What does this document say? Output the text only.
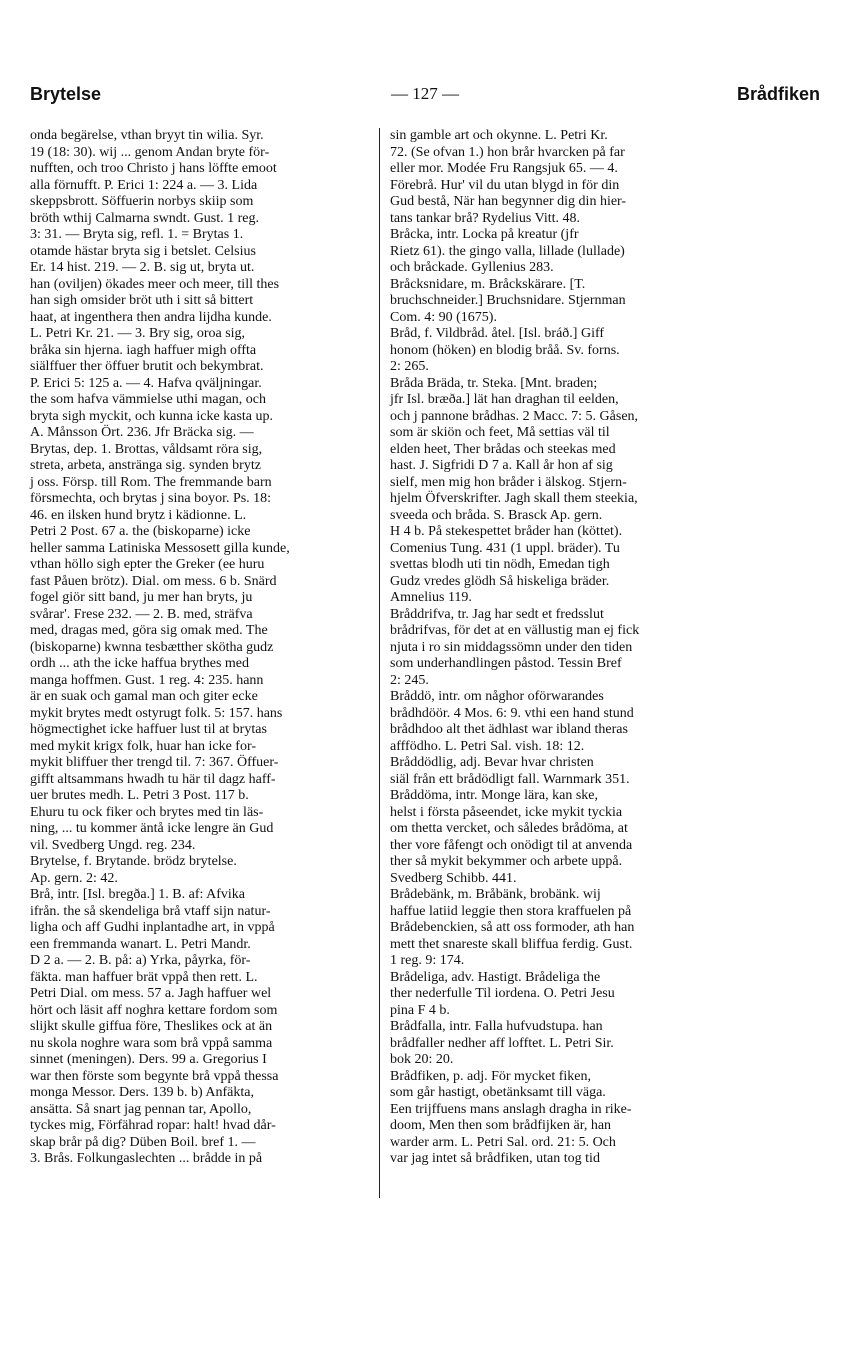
Brytelse	— 127 —	Brådfiken
onda begärelse, vthan bryyt tin wilia. Syr.
19 (18: 30). wij ... genom Andan bryte för-
nufften, och troo Christo j hans löffte emoot
alla förnufft. P. Erici 1: 224 a. — 3. Lida
skeppsbrott. Söffuerin norbys skiip som
bröth wthij Calmarna swndt. Gust. 1 reg.
3: 31. — Bryta sig, refl. 1. = Brytas 1.
otamde hästar bryta sig i betslet. Celsius
Er. 14 hist. 219. — 2. B. sig ut, bryta ut.
han (oviljen) ökades meer och meer, till thes
han sigh omsider bröt uth i sitt så bittert
haat, at ingenthera then andra lijdha kunde.
L. Petri Kr. 21. — 3. Bry sig, oroa sig,
bråka sin hjerna. iagh haffuer migh offta
siälffuer ther öffuer brutit och bekymbrat.
P. Erici 5: 125 a. — 4. Hafva qväljningar.
the som hafva vämmielse uthi magan, och
bryta sigh myckit, och kunna icke kasta up.
A. Månsson Ört. 236. Jfr Bräcka sig. —
Brytas, dep. 1. Brottas, våldsamt röra sig,
streta, arbeta, anstränga sig. synden brytz
j oss. Försp. till Rom. The fremmande barn
försmechta, och brytas j sina boyor. Ps. 18:
46. en ilsken hund brytz i kädionne. L.
Petri 2 Post. 67 a. the (biskoparne) icke
heller samma Latiniska Messosett gilla kunde,
vthan höllo sigh epter the Greker (ee huru
fast Påuen brötz). Dial. om mess. 6 b. Snärd
fogel giör sitt band, ju mer han bryts, ju
svårar'. Frese 232. — 2. B. med, sträfva
med, dragas med, göra sig omak med. The
(biskoparne) kwnna tesbætther skötha gudz
ordh ... ath the icke haffua brythes med
manga hoffmen. Gust. 1 reg. 4: 235. hann
är en suak och gamal man och giter ecke
mykit brytes medt ostyrugt folk. 5: 157. hans
högmectighet icke haffuer lust til at brytas
med mykit krigx folk, huar han icke for-
mykit bliffuer ther trengd til. 7: 367. Öffuer-
gifft altsammans hwadh tu här til dagz haff-
uer brutes medh. L. Petri 3 Post. 117 b.
Ehuru tu ock fiker och brytes med tin läs-
ning, ... tu kommer äntå icke lengre än Gud
vil. Svedberg Ungd. reg. 234.
Brytelse, f. Brytande. brödz brytelse.
Ap. gern. 2: 42.
Brå, intr. [Isl. bregða.] 1. B. af: Afvika
ifrån. the så skendeliga brå vtaff sijn natur-
ligha och aff Gudhi inplantadhe art, in vppå
een fremmanda wanart. L. Petri Mandr.
D 2 a. — 2. B. på: a) Yrka, påyrka, för-
fäkta. man haffuer brät vppå then rett. L.
Petri Dial. om mess. 57 a. Jagh haffuer wel
hört och läsit aff noghra kettare fordom som
slijkt skulle giffua före, Theslikes ock at än
nu skola noghre wara som brå vppå samma
sinnet (meningen). Ders. 99 a. Gregorius I
war then förste som begynte brå vppå thessa
monga Messor. Ders. 139 b. b) Anfäkta,
ansätta. Så snart jag pennan tar, Apollo,
tyckes mig, Förfährad ropar: halt! hvad dår-
skap brår på dig? Düben Boil. bref 1. —
3. Brås. Folkungaslechten ... brådde in på
sin gamble art och okynne. L. Petri Kr.
72. (Se ofvan 1.) hon brår hvarcken på far
eller mor. Modée Fru Rangsjuk 65. — 4.
Förebrå. Hur' vil du utan blygd in för din
Gud bestå, När han begynner dig din hier-
tans tankar brå? Rydelius Vitt. 48.
Bråcka, intr. Locka på kreatur (jfr
Rietz 61). the gingo valla, lillade (lullade)
och bråckade. Gyllenius 283.
Bråcksnidare, m. Bråckskärare. [T.
bruchschneider.] Bruchsnidare. Stjernman
Com. 4: 90 (1675).
Bråd, f. Vildbråd. åtel. [Isl. bráð.] Giff
honom (höken) en blodig bråå. Sv. forns.
2: 265.
Bråda Bräda, tr. Steka. [Mnt. braden;
jfr Isl. bræða.] lät han draghan til eelden,
och j pannone brådhas. 2 Macc. 7: 5. Gåsen,
som är skiön och feet, Må settias väl til
elden heet, Ther brådas och steekas med
hast. J. Sigfridi D 7 a. Kall år hon af sig
sielf, men mig hon bråder i älskog. Stjern-
hjelm Öfverskrifter. Jagh skall them steekia,
sveeda och bråda. S. Brasck Ap. gern.
H 4 b. På stekespettet bråder han (köttet).
Comenius Tung. 431 (1 uppl. bräder). Tu
svettas blodh uti tin nödh, Emedan tigh
Gudz vredes glödh Så hiskeliga bräder.
Amnelius 119.
Bråddrifva, tr. Jag har sedt et fredsslut
brådrifvas, för det at en vällustig man ej fick
njuta i ro sin middagssömn under den tiden
som underhandlingen påstod. Tessin Bref
2: 245.
Bråddö, intr. om någhor oförwarandes
brådhdöör. 4 Mos. 6: 9. vthi een hand stund
brådhdoo alt thet ädhlast war ibland theras
afffödho. L. Petri Sal. vish. 18: 12.
Bråddödlig, adj. Bevar hvar christen
siäl från ett brådödligt fall. Warnmark 351.
Bråddöma, intr. Monge lära, kan ske,
helst i första påseendet, icke mykit tyckia
om thetta vercket, och således brådöma, at
ther vore fåfengt och onödigt til at anvenda
ther så mykit bekymmer och arbete uppå.
Svedberg Schibb. 441.
Brådebänk, m. Bråbänk, brobänk. wij
haffue latiid leggie then stora kraffuelen på
Brådebenckien, så att oss formoder, ath han
mett thet snareste skall bliffua ferdig. Gust.
1 reg. 9: 174.
Brådeliga, adv. Hastigt. Brådeliga the
ther nederfulle Til iordena. O. Petri Jesu
pina F 4 b.
Brådfalla, intr. Falla hufvudstupa. han
brådfaller nedher aff lofftet. L. Petri Sir.
bok 20: 20.
Brådfiken, p. adj. För mycket fiken,
som går hastigt, obetänksamt till väga.
Een trijffuens mans anslagh dragha in rike-
doom, Men then som brådfijken är, han
warder arm. L. Petri Sal. ord. 21: 5. Och
var jag intet så brådfiken, utan tog tid
